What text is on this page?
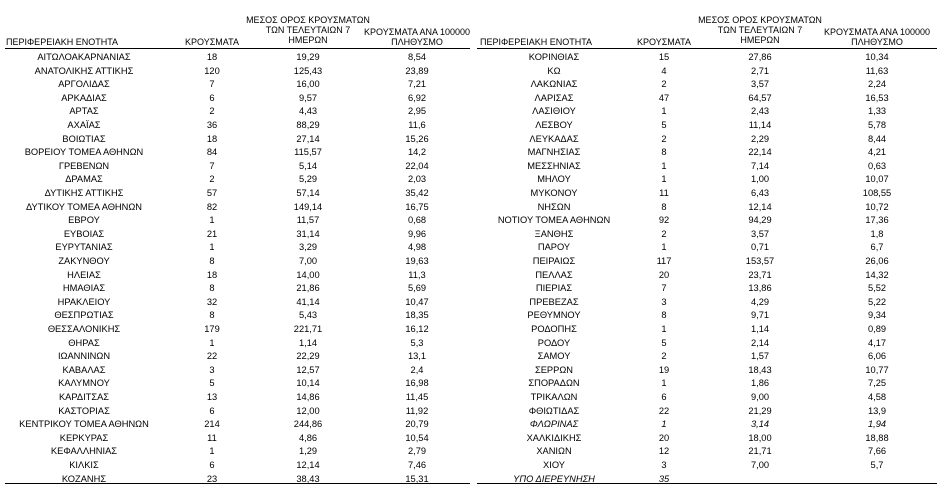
ΠΕΡΙΦΕΡΕΙΑΚΗ ΕΝΟΤΗΤΑ	ΚΡΟΥΣΜΑΤΑ
ΜΕΣΟΣ ΟΡΟΣ ΚΡΟΥΣΜΑΤΩΝ
ΤΩΝ ΤΕΛΕΥΤΑΙΩΝ 7
ΗΜΕΡΩΝ
ΚΡΟΥΣΜΑΤΑ ΑΝΑ 100000
ΠΛΗΘΥΣΜΟ
ΑΙΤΩΛΟΑΚΑΡΝΑΝΙΑΣ	18	19,29	8,54
ΑΝΑΤΟΛΙΚΗΣ ΑΤΤΙΚΗΣ	120	125,43	23,89
ΑΡΓΟΛΙΔΑΣ	7	16,00	7,21
ΑΡΚΑΔΙΑΣ	6	9,57	6,92
ΑΡΤΑΣ	2	4,43	2,95
ΑΧΑΪΑΣ	36	88,29	11,6
ΒΟΙΩΤΙΑΣ	18	27,14	15,26
ΒΟΡΕΙΟΥ ΤΟΜΕΑ ΑΘΗΝΩΝ	84	115,57	14,2
ΓΡΕΒΕΝΩΝ	7	5,14	22,04
ΔΡΑΜΑΣ	2	5,29	2,03
ΔΥΤΙΚΗΣ ΑΤΤΙΚΗΣ	57	57,14	35,42
ΔΥΤΙΚΟΥ ΤΟΜΕΑ ΑΘΗΝΩΝ	82	149,14	16,75
ΕΒΡΟΥ	1	11,57	0,68
ΕΥΒΟΙΑΣ	21	31,14	9,96
ΕΥΡΥΤΑΝΙΑΣ	1	3,29	4,98
ΖΑΚΥΝΘΟΥ	8	7,00	19,63
ΗΛΕΙΑΣ	18	14,00	11,3
ΗΜΑΘΙΑΣ	8	21,86	5,69
ΗΡΑΚΛΕΙΟΥ	32	41,14	10,47
ΘΕΣΠΡΩΤΙΑΣ	8	5,43	18,35
ΘΕΣΣΑΛΟΝΙΚΗΣ	179	221,71	16,12
ΘΗΡΑΣ	1	1,14	5,3
ΙΩΑΝΝΙΝΩΝ	22	22,29	13,1
ΚΑΒΑΛΑΣ	3	12,57	2,4
ΚΑΛΥΜΝΟΥ	5	10,14	16,98
ΚΑΡΔΙΤΣΑΣ	13	14,86	11,45
ΚΑΣΤΟΡΙΑΣ	6	12,00	11,92
ΚΕΝΤΡΙΚΟΥ ΤΟΜΕΑ ΑΘΗΝΩΝ	214	244,86	20,79
ΚΕΡΚΥΡΑΣ	11	4,86	10,54
ΚΕΦΑΛΛΗΝΙΑΣ	1	1,29	2,79
ΚΙΛΚΙΣ	6	12,14	7,46
ΚΟΖΑΝΗΣ	23	38,43	15,31
ΠΕΡΙΦΕΡΕΙΑΚΗ ΕΝΟΤΗΤΑ	ΚΡΟΥΣΜΑΤΑ
ΜΕΣΟΣ ΟΡΟΣ ΚΡΟΥΣΜΑΤΩΝ
ΤΩΝ ΤΕΛΕΥΤΑΙΩΝ 7
ΗΜΕΡΩΝ
ΚΡΟΥΣΜΑΤΑ ΑΝΑ 100000
ΠΛΗΘΥΣΜΟ
ΚΟΡΙΝΘΙΑΣ	15	27,86	10,34
ΚΩ	4	2,71	11,63
ΛΑΚΩΝΙΑΣ	2	3,57	2,24
ΛΑΡΙΣΑΣ	47	64,57	16,53
ΛΑΣΙΘΙΟΥ	1	2,43	1,33
ΛΕΣΒΟΥ	5	11,14	5,78
ΛΕΥΚΑΔΑΣ	2	2,29	8,44
ΜΑΓΝΗΣΙΑΣ	8	22,14	4,21
ΜΕΣΣΗΝΙΑΣ	1	7,14	0,63
ΜΗΛΟΥ	1	1,00	10,07
ΜΥΚΟΝΟΥ	11	6,43	108,55
ΝΗΣΩΝ	8	12,14	10,72
ΝΟΤΙΟΥ ΤΟΜΕΑ ΑΘΗΝΩΝ	92	94,29	17,36
ΞΑΝΘΗΣ	2	3,57	1,8
ΠΑΡΟΥ	1	0,71	6,7
ΠΕΙΡΑΙΩΣ	117	153,57	26,06
ΠΕΛΛΑΣ	20	23,71	14,32
ΠΙΕΡΙΑΣ	7	13,86	5,52
ΠΡΕΒΕΖΑΣ	3	4,29	5,22
ΡΕΘΥΜΝΟΥ	8	9,71	9,34
ΡΟΔΟΠΗΣ	1	1,14	0,89
ΡΟΔΟΥ	5	2,14	4,17
ΣΑΜΟΥ	2	1,57	6,06
ΣΕΡΡΩΝ	19	18,43	10,77
ΣΠΟΡΑΔΩΝ	1	1,86	7,25
ΤΡΙΚΑΛΩΝ	6	9,00	4,58
ΦΘΙΩΤΙΔΑΣ	22	21,29	13,9
ΦΛΩΡΙΝΑΣ	1	3,14	1,94
ΧΑΛΚΙΔΙΚΗΣ	20	18,00	18,88
ΧΑΝΙΩΝ	12	21,71	7,66
ΧΙΟΥ	3	7,00	5,7
ΥΠΟ ΔΙΕΡΕΥΝΗΣΗ	35
